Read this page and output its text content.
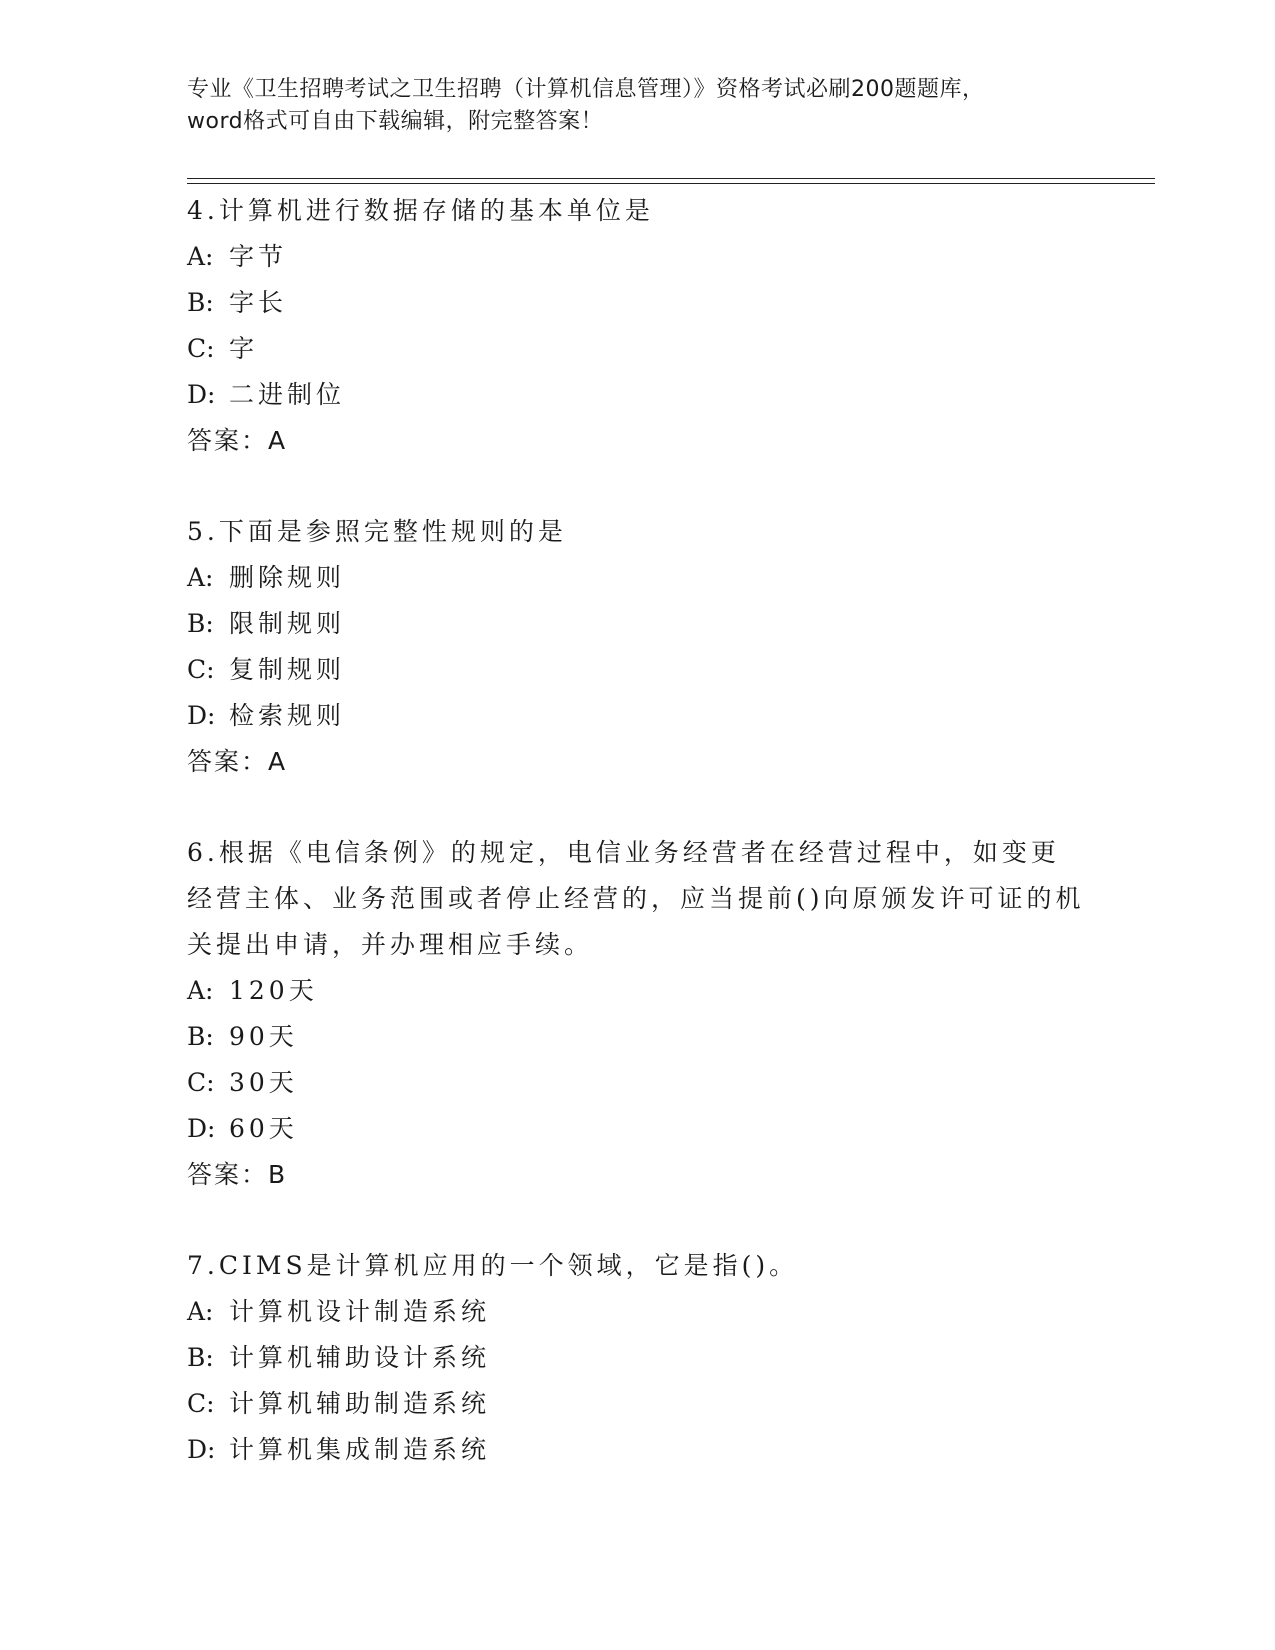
专业《卫生招聘考试之卫生招聘（计算机信息管理）》资格考试必刷200题题库，
word格式可自由下载编辑，附完整答案！
4.计算机进行数据存储的基本单位是
A: 字节
B: 字长
C: 字
D: 二进制位
答案：A
5.下面是参照完整性规则的是
A: 删除规则
B: 限制规则
C: 复制规则
D: 检索规则
答案：A
6.根据《电信条例》的规定，电信业务经营者在经营过程中，如变更经营主体、业务范围或者停止经营的，应当提前()向原颁发许可证的机关提出申请，并办理相应手续。
A: 120天
B: 90天
C: 30天
D: 60天
答案：B
7.CIMS是计算机应用的一个领域，它是指()。
A: 计算机设计制造系统
B: 计算机辅助设计系统
C: 计算机辅助制造系统
D: 计算机集成制造系统
